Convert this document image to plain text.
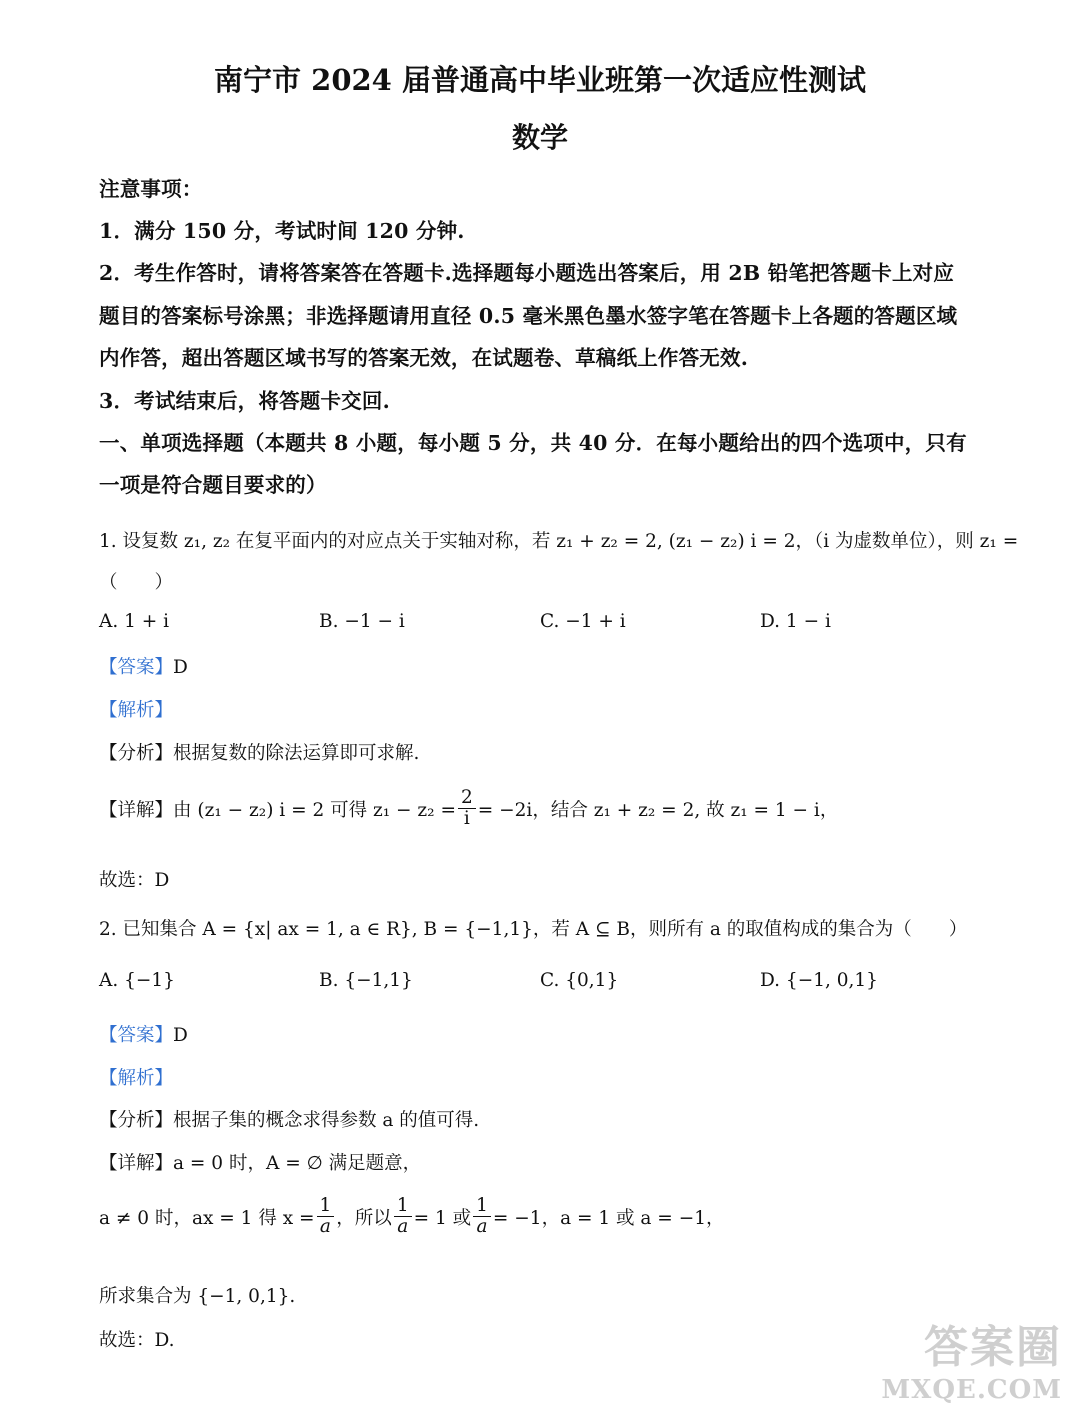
南宁市 2024 届普通高中毕业班第一次适应性测试
数学
注意事项：
1．满分 150 分，考试时间 120 分钟.
2．考生作答时，请将答案答在答题卡.选择题每小题选出答案后，用 2B 铅笔把答题卡上对应
题目的答案标号涂黑；非选择题请用直径 0.5 毫米黑色墨水签字笔在答题卡上各题的答题区域
内作答，超出答题区域书写的答案无效，在试题卷、草稿纸上作答无效.
3．考试结束后，将答题卡交回.
一、单项选择题（本题共 8 小题，每小题 5 分，共 40 分．在每小题给出的四个选项中，只有
一项是符合题目要求的）
1. 设复数 z₁, z₂ 在复平面内的对应点关于实轴对称，若 z₁ + z₂ = 2, (z₁ − z₂) i = 2，（i 为虚数单位），则 z₁ =
（　　）
A. 1 + i	B. −1 − i	C. −1 + i	D. 1 − i
【答案】D
【解析】
【分析】根据复数的除法运算即可求解.
【详解】 由 (z₁ − z₂) i = 2 可得 $z_1 - z_2 = \frac{2}{i} = -2i$，结合 z₁ + z₂ = 2, 故 z₁ = 1 − i，
故选：D
2. 已知集合 A = {x| ax = 1, a ∈ R}, B = {−1,1}，若 A ⊆ B，则所有 a 的取值构成的集合为（　　）
A. {−1}	B. {−1,1}	C. {0,1}	D. {−1, 0,1}
【答案】D
【解析】
【分析】根据子集的概念求得参数 a 的值可得.
【详解】a = 0 时，A = ∅ 满足题意，
a ≠ 0 时，ax = 1 得 $x = \frac{1}{a}$ ，所以 $\frac{1}{a} = 1$ 或 $\frac{1}{a} = -1$，a = 1 或 a = −1，
所求集合为 {−1, 0,1}.
故选：D.	答案圈
MXQE.COM
